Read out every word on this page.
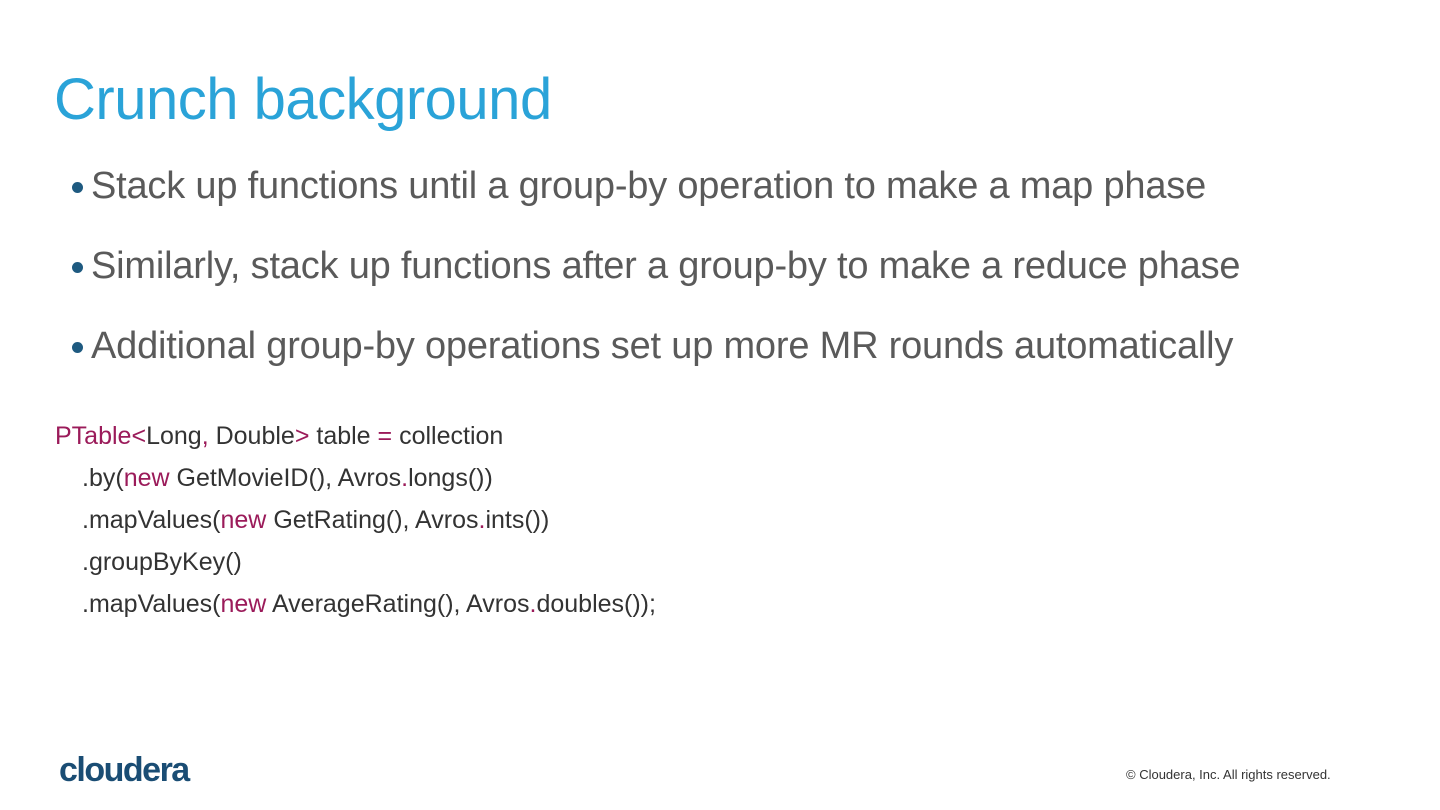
Crunch background
Stack up functions until a group-by operation to make a map phase
Similarly, stack up functions after a group-by to make a reduce phase
Additional group-by operations set up more MR rounds automatically
PTable<Long, Double> table = collection
.by(new GetMovieID(), Avros.longs())
.mapValues(new GetRating(), Avros.ints())
.groupByKey()
.mapValues(new AverageRating(), Avros.doubles());
cloudera	© Cloudera, Inc. All rights reserved.
